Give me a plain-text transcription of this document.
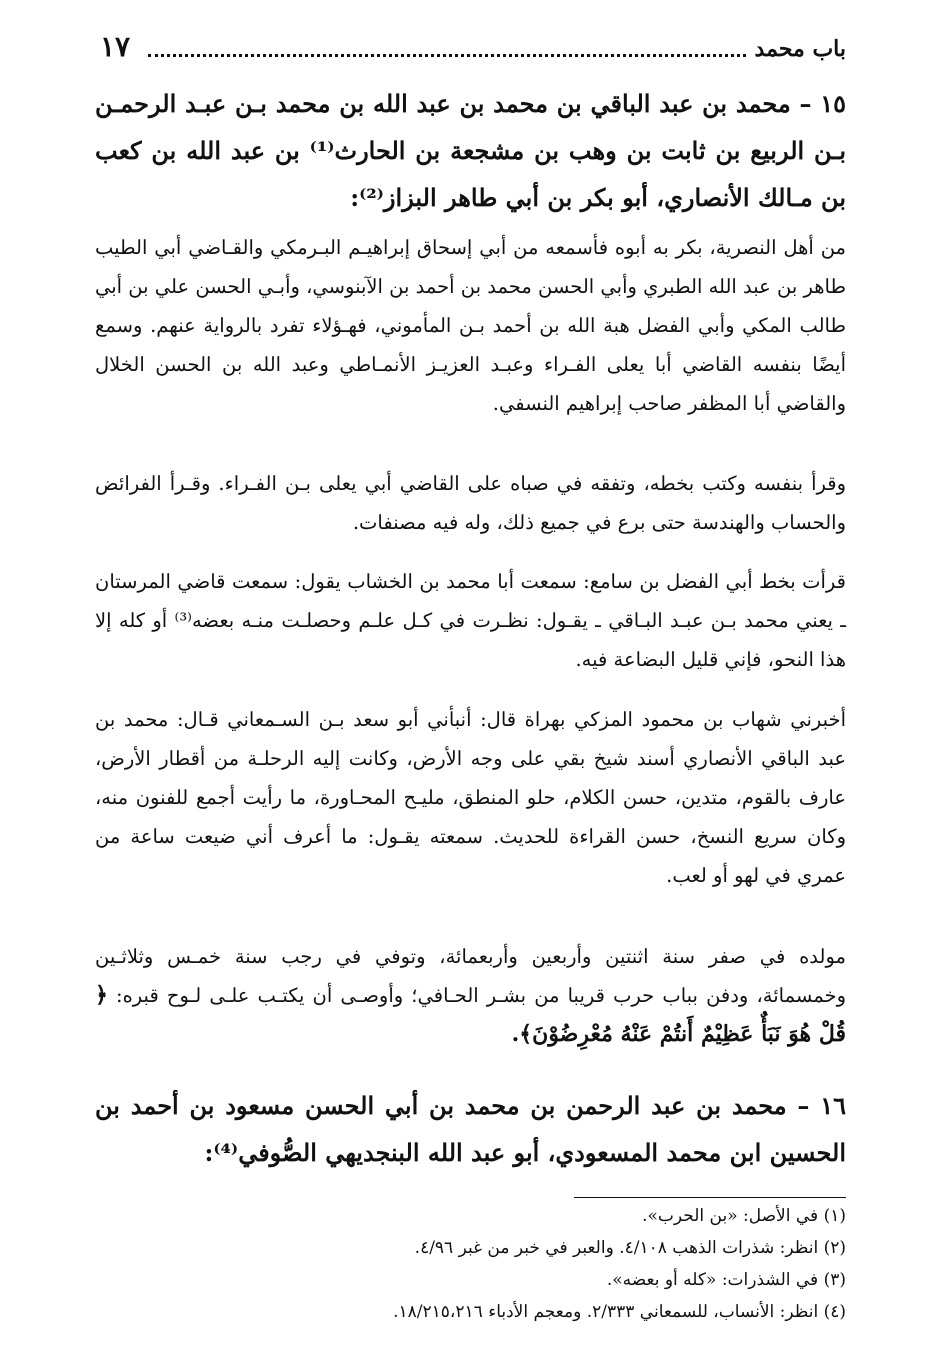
باب محمد
١٧
١٥ – محمد بن عبد الباقي بن محمد بن عبد الله بن محمد بـن عبـد الرحمـن بـن الربيع بن ثابت بن وهب بن مشجعة بن الحارث⁽¹⁾ بن عبد الله بن كعب بن مـالك الأنصاري، أبو بكر بن أبي طاهر البزاز⁽²⁾:
من أهل النصرية، بكر به أبوه فأسمعه من أبي إسحاق إبراهيـم البـرمكي والقـاضي أبي الطيب طاهر بن عبد الله الطبري وأبي الحسن محمد بن أحمد بن الآبنوسي، وأبـي الحسن علي بن أبي طالب المكي وأبي الفضل هبة الله بن أحمد بـن المأموني، فهـؤلاء تفرد بالرواية عنهم. وسمع أيضًا بنفسه القاضي أبا يعلى الفـراء وعبـد العزيـز الأنمـاطي وعبد الله بن الحسن الخلال والقاضي أبا المظفر صاحب إبراهيم النسفي.
وقرأ بنفسه وكتب بخطه، وتفقه في صباه على القاضي أبي يعلى بـن الفـراء. وقـرأ الفرائض والحساب والهندسة حتى برع في جميع ذلك، وله فيه مصنفات.
قرأت بخط أبي الفضل بن سامع: سمعت أبا محمد بن الخشاب يقول: سمعت قاضي المرستان ـ يعني محمد بـن عبـد البـاقي ـ يقـول: نظـرت في كـل علـم وحصلـت منـه بعضه⁽³⁾ أو كله إلا هذا النحو، فإني قليل البضاعة فيه.
أخبرني شهاب بن محمود المزكي بهراة قال: أنبأني أبو سعد بـن السـمعاني قـال: محمد بن عبد الباقي الأنصاري أسند شيخ بقي على وجه الأرض، وكانت إليه الرحلـة من أقطار الأرض، عارف بالقوم، متدين، حسن الكلام، حلو المنطق، مليـح المحـاورة، ما رأيت أجمع للفنون منه، وكان سريع النسخ، حسن القراءة للحديث. سمعته يقـول: ما أعرف أني ضيعت ساعة من عمري في لهو أو لعب.
مولده في صفر سنة اثنتين وأربعين وأربعمائة، وتوفي في رجب سنة خمـس وثلاثـين وخمسمائة، ودفن بباب حرب قريبا من بشـر الحـافي؛ وأوصـى أن يكتـب علـى لـوح قبره: ﴿ قُلْ هُوَ نَبَأٌ عَظِيْمٌ أَنتُمْ عَنْهُ مُعْرِضُوْنَ﴾.
١٦ – محمد بن عبد الرحمن بن محمد بن أبي الحسن مسعود بن أحمد بن الحسين ابن محمد المسعودي، أبو عبد الله البنجديهي الصُّوفي⁽⁴⁾:
(١) في الأصل: «بن الحرب».
(٢) انظر: شذرات الذهب ٤/١٠٨. والعبر في خبر من غبر ٤/٩٦.
(٣) في الشذرات: «كله أو بعضه».
(٤) انظر: الأنساب، للسمعاني ٢/٣٣٣. ومعجم الأدباء ١٨/٢١٥،٢١٦.
